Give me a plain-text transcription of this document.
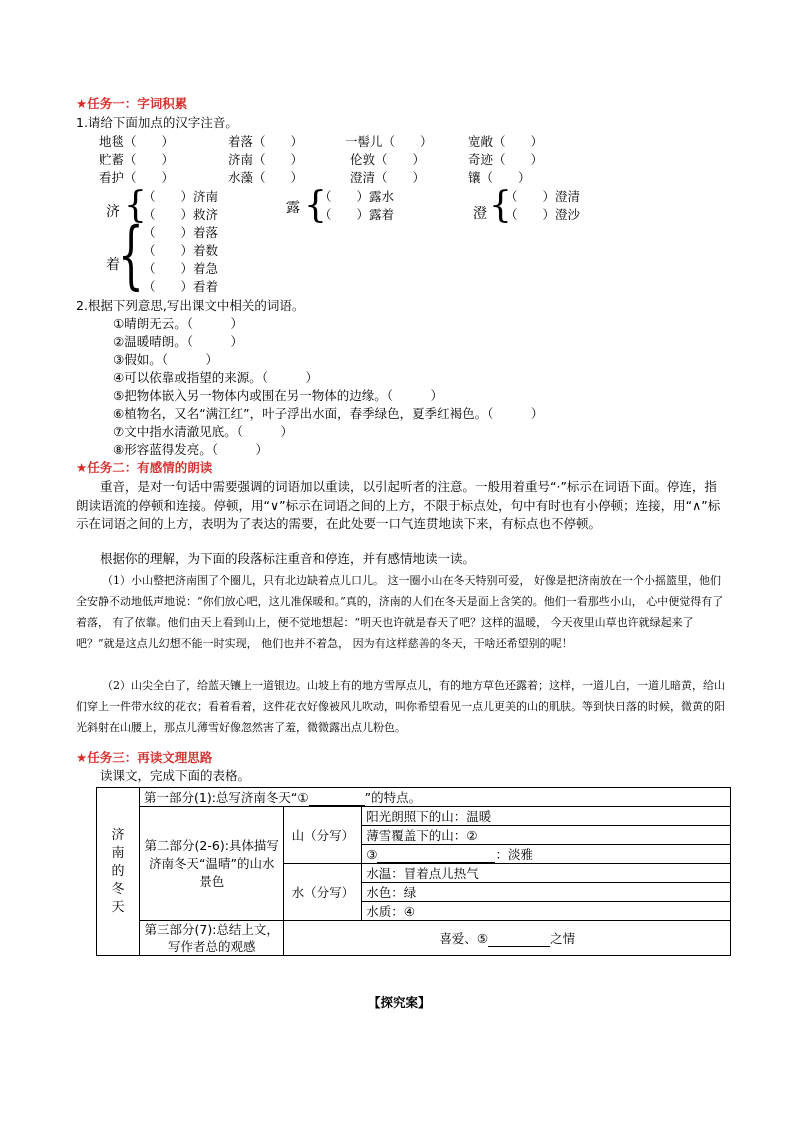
★任务一：字词积累
1.请给下面加点的汉字注音。
地毯（　　）	着落（　　）	一髻儿（　　）	宽敞（　　）
贮蓄（　　）	济南（　　）	伦敦（　　）	奇迹（　　）
看护（　　）	水藻（　　）	澄清（　　）	镶（　　）
济 {
（　　）济南
（　　）救济	露 {
（　　）露水
（　　）露着	澄 {
（　　）澄清
（　　）澄沙
着
{ （　　）着落
（　　）着数
（　　）着急
（　　）看着
2.根据下列意思,写出课文中相关的词语。
①晴朗无云。（　　　）
②温暖晴朗。（　　　）
③假如。（　　　）
④可以依靠或指望的来源。（　　　）
⑤把物体嵌入另一物体内或围在另一物体的边缘。（　　　）
⑥植物名，又名“满江红”，叶子浮出水面，春季绿色，夏季红褐色。（　　　）
⑦文中指水清澈见底。（　　　）
⑧形容蓝得发亮。（　　　）
★任务二：有感情的朗读
重音，是对一句话中需要强调的词语加以重读，以引起听者的注意。一般用着重号“·”标示在词语下面。停连，指朗读语流的停顿和连接。停顿，用“∨”标示在词语之间的上方，不限于标点处，句中有时也有小停顿；连接，用“∧”标示在词语之间的上方，表明为了表达的需要，在此处要一口气连贯地读下来，有标点也不停顿。
根据你的理解，为下面的段落标注重音和停连，并有感情地读一读。
（1）小山整把济南围了个圈儿，只有北边缺着点儿口儿。 这一圈小山在冬天特别可爱， 好像是把济南放在一个小摇篮里，他们全安静不动地低声地说：“你们放心吧，这儿准保暖和。”真的，济南的人们在冬天是面上含笑的。他们一看那些小山， 心中便觉得有了着落， 有了依靠。他们由天上看到山上，便不觉地想起：“明天也许就是春天了吧？这样的温暖， 今天夜里山草也许就绿起来了吧？”就是这点儿幻想不能一时实现， 他们也并不着急， 因为有这样慈善的冬天，干啥还希望别的呢！
（2）山尖全白了，给蓝天镶上一道银边。山坡上有的地方雪厚点儿，有的地方草色还露着；这样，一道儿白，一道儿暗黄，给山们穿上一件带水纹的花衣；看着看着，这件花衣好像被风儿吹动，叫你希望看见一点儿更美的山的肌肤。等到快日落的时候，微黄的阳光斜射在山腰上，那点儿薄雪好像忽然害了羞，微微露出点儿粉色。
★任务三：再读文理思路
读课文，完成下面的表格。
济
南
的
冬
天	第一部分(1):总写济南冬天“① ”的特点。		
	第二部分(2-6):具体描写济南冬天“温晴”的山水景色	山（分写）	阳光朗照下的山：温暖
			薄雪覆盖下的山：②
			③ ：淡雅
		水（分写）	水温：冒着点儿热气
			水色：绿
			水质：④
	第三部分(7):总结上文，写作者总的观感	喜爱、⑤ 之情	
【探究案】
